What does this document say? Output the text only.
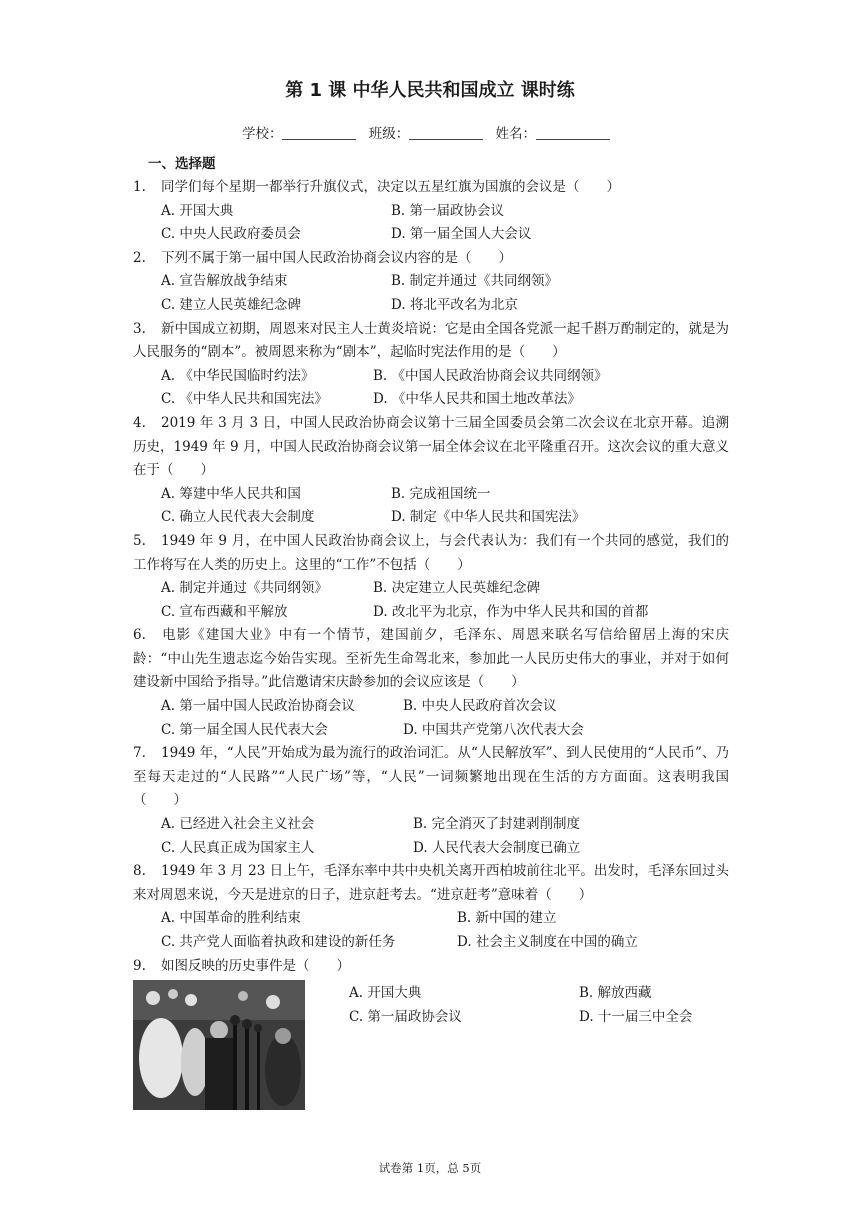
第 1 课 中华人民共和国成立 课时练
学校：	班级：	姓名：
一、选择题
1. 同学们每个星期一都举行升旗仪式，决定以五星红旗为国旗的会议是（　　）
A. 开国大典	B. 第一届政协会议
C. 中央人民政府委员会	D. 第一届全国人大会议
2. 下列不属于第一届中国人民政治协商会议内容的是（　　）
A. 宣告解放战争结束	B. 制定并通过《共同纲领》
C. 建立人民英雄纪念碑	D. 将北平改名为北京
3. 新中国成立初期，周恩来对民主人士黄炎培说：它是由全国各党派一起千斟万酌制定的，就是为人民服务的“剧本”。被周恩来称为“剧本”，起临时宪法作用的是（　　）
A. 《中华民国临时约法》	B. 《中国人民政治协商会议共同纲领》
C. 《中华人民共和国宪法》	D. 《中华人民共和国土地改革法》
4. 2019 年 3 月 3 日，中国人民政治协商会议第十三届全国委员会第二次会议在北京开幕。追溯历史，1949 年 9 月，中国人民政治协商会议第一届全体会议在北平隆重召开。这次会议的重大意义在于（　　）
A. 筹建中华人民共和国	B. 完成祖国统一
C. 确立人民代表大会制度	D. 制定《中华人民共和国宪法》
5. 1949 年 9 月，在中国人民政治协商会议上，与会代表认为：我们有一个共同的感觉，我们的工作将写在人类的历史上。这里的“工作”不包括（　　）
A. 制定并通过《共同纲领》	B. 决定建立人民英雄纪念碑
C. 宣布西藏和平解放	D. 改北平为北京，作为中华人民共和国的首都
6. 电影《建国大业》中有一个情节，建国前夕，毛泽东、周恩来联名写信给留居上海的宋庆龄：“中山先生遗志迄今始告实现。至祈先生命驾北来，参加此一人民历史伟大的事业，并对于如何建设新中国给予指导。”此信邀请宋庆龄参加的会议应该是（　　）
A. 第一届中国人民政治协商会议	B. 中央人民政府首次会议
C. 第一届全国人民代表大会	D. 中国共产党第八次代表大会
7. 1949 年，“人民”开始成为最为流行的政治词汇。从“人民解放军”、到人民使用的“人民币”、乃至每天走过的“人民路”“人民广场”等，“人民”一词频繁地出现在生活的方方面面。这表明我国（　　）
A. 已经进入社会主义社会	B. 完全消灭了封建剥削制度
C. 人民真正成为国家主人	D. 人民代表大会制度已确立
8. 1949 年 3 月 23 日上午，毛泽东率中共中央机关离开西柏坡前往北平。出发时，毛泽东回过头来对周恩来说，今天是进京的日子，进京赶考去。“进京赶考”意味着（　　）
A. 中国革命的胜利结束	B. 新中国的建立
C. 共产党人面临着执政和建设的新任务	D. 社会主义制度在中国的确立
9. 如图反映的历史事件是（　　）
A. 开国大典	B. 解放西藏
C. 第一届政协会议	D. 十一届三中全会
试卷第 1页，总 5页
